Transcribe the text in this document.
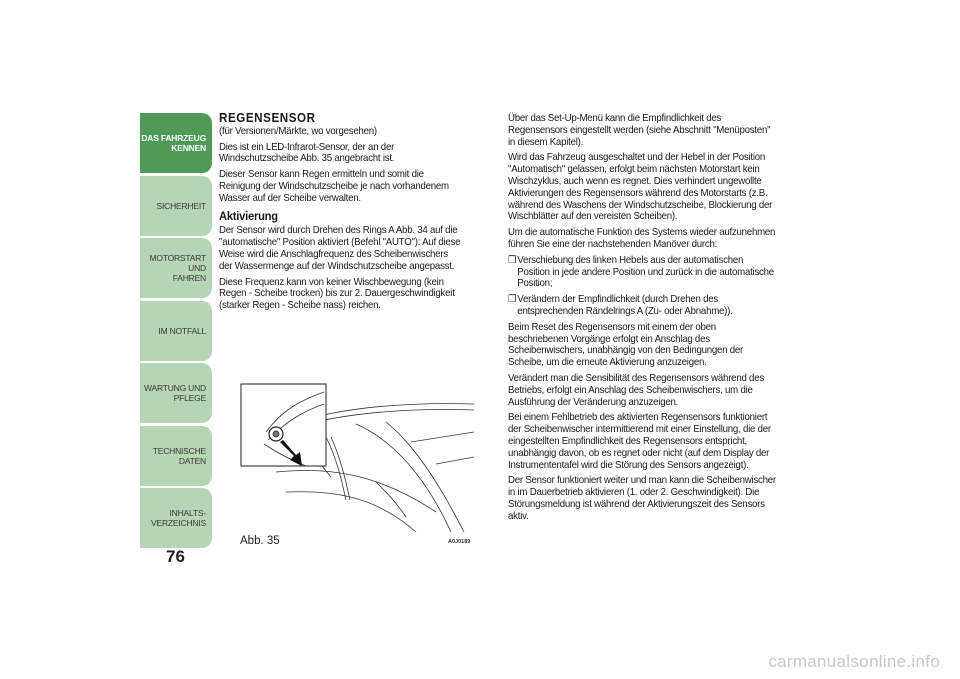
DAS FAHRZEUG
KENNEN
SICHERHEIT
MOTORSTART UND
FAHREN
IM NOTFALL
WARTUNG UND
PFLEGE
TECHNISCHE DATEN
INHALTS-
VERZEICHNIS
76
REGENSENSOR

(für Versionen/Märkte, wo vorgesehen)

Dies ist ein LED-Infrarot-Sensor, der an der Windschutzscheibe Abb. 35 angebracht ist.

Dieser Sensor kann Regen ermitteln und somit die Reinigung der Windschutzscheibe je nach vorhandenem Wasser auf der Scheibe verwalten.

Aktivierung

Der Sensor wird durch Drehen des Rings A Abb. 34 auf die "automatische" Position aktiviert (Befehl "AUTO"): Auf diese Weise wird die Anschlagfrequenz des Scheibenwischers der Wassermenge auf der Windschutzscheibe angepasst.

Diese Frequenz kann von keiner Wischbewegung (kein Regen - Scheibe trocken) bis zur 2. Dauergeschwindigkeit (starker Regen - Scheibe nass) reichen.

Abb. 35	A0J0189

Über das Set-Up-Menü kann die Empfindlichkeit des Regensensors eingestellt werden (siehe Abschnitt "Menüposten" in diesem Kapitel).

Wird das Fahrzeug ausgeschaltet und der Hebel in der Position "Automatisch" gelassen, erfolgt beim nächsten Motorstart kein Wischzyklus, auch wenn es regnet. Dies verhindert ungewollte Aktivierungen des Regensensors während des Motorstarts (z.B. während des Waschens der Windschutzscheibe, Blockierung der Wischblätter auf den vereisten Scheiben).

Um die automatische Funktion des Systems wieder aufzunehmen führen Sie eine der nachstehenden Manöver durch:

❒ Verschiebung des linken Hebels aus der automatischen Position in jede andere Position und zurück in die automatische Position;
❒ Verändern der Empfindlichkeit (durch Drehen des entsprechenden Rändelrings A (Zu- oder Abnahme)).

Beim Reset des Regensensors mit einem der oben beschriebenen Vorgänge erfolgt ein Anschlag des Scheibenwischers, unabhängig von den Bedingungen der Scheibe, um die erneute Aktivierung anzuzeigen.

Verändert man die Sensibilität des Regensensors während des Betriebs, erfolgt ein Anschlag des Scheibenwischers, um die Ausführung der Veränderung anzuzeigen.

Bei einem Fehlbetrieb des aktivierten Regensensors funktioniert der Scheibenwischer intermittierend mit einer Einstellung, die der eingestellten Empfindlichkeit des Regensensors entspricht, unabhängig davon, ob es regnet oder nicht (auf dem Display der Instrumententafel wird die Störung des Sensors angezeigt).

Der Sensor funktioniert weiter und man kann die Scheibenwischer in im Dauerbetrieb aktivieren (1. oder 2. Geschwindigkeit). Die Störungsmeldung ist während der Aktivierungszeit des Sensors aktiv.

carmanualsonline.info
